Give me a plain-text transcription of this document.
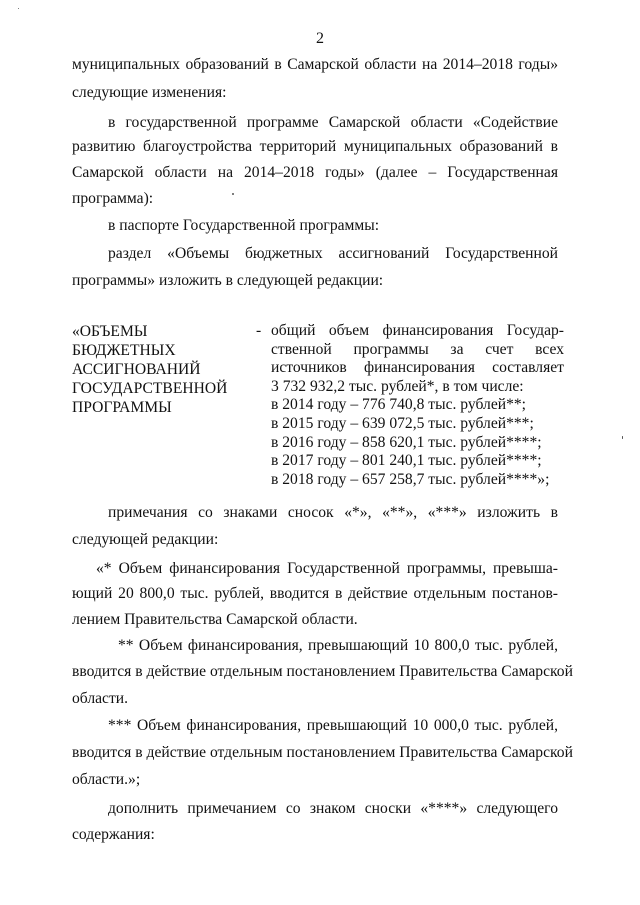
2
муниципальных образований в Самарской области на 2014–2018 годы»
следующие изменения:
в государственной программе Самарской области «Содействие
развитию благоустройства территорий муниципальных образований в
Самарской области на 2014–2018 годы» (далее – Государственная
программа):
в паспорте Государственной программы:
раздел «Объемы бюджетных ассигнований Государственной
программы» изложить в следующей редакции:
«ОБЪЕМЫ
БЮДЖЕТНЫХ
АССИГНОВАНИЙ
ГОСУДАРСТВЕННОЙ
ПРОГРАММЫ
- общий объем финансирования Государ-
ственной программы за счет всех
источников финансирования составляет
3 732 932,2 тыс. рублей*, в том числе:
в 2014 году – 776 740,8 тыс. рублей**;
в 2015 году – 639 072,5 тыс. рублей***;
в 2016 году – 858 620,1 тыс. рублей****;
в 2017 году – 801 240,1 тыс. рублей****;
в 2018 году – 657 258,7 тыс. рублей****»;
примечания со знаками сносок «*», «**», «***» изложить в
следующей редакции:
«* Объем финансирования Государственной программы, превыша-
ющий 20 800,0 тыс. рублей, вводится в действие отдельным постанов-
лением Правительства Самарской области.
** Объем финансирования, превышающий 10 800,0 тыс. рублей,
вводится в действие отдельным постановлением Правительства Самарской
области.
*** Объем финансирования, превышающий 10 000,0 тыс. рублей,
вводится в действие отдельным постановлением Правительства Самарской
области.»;
дополнить примечанием со знаком сноски «****» следующего
содержания:
